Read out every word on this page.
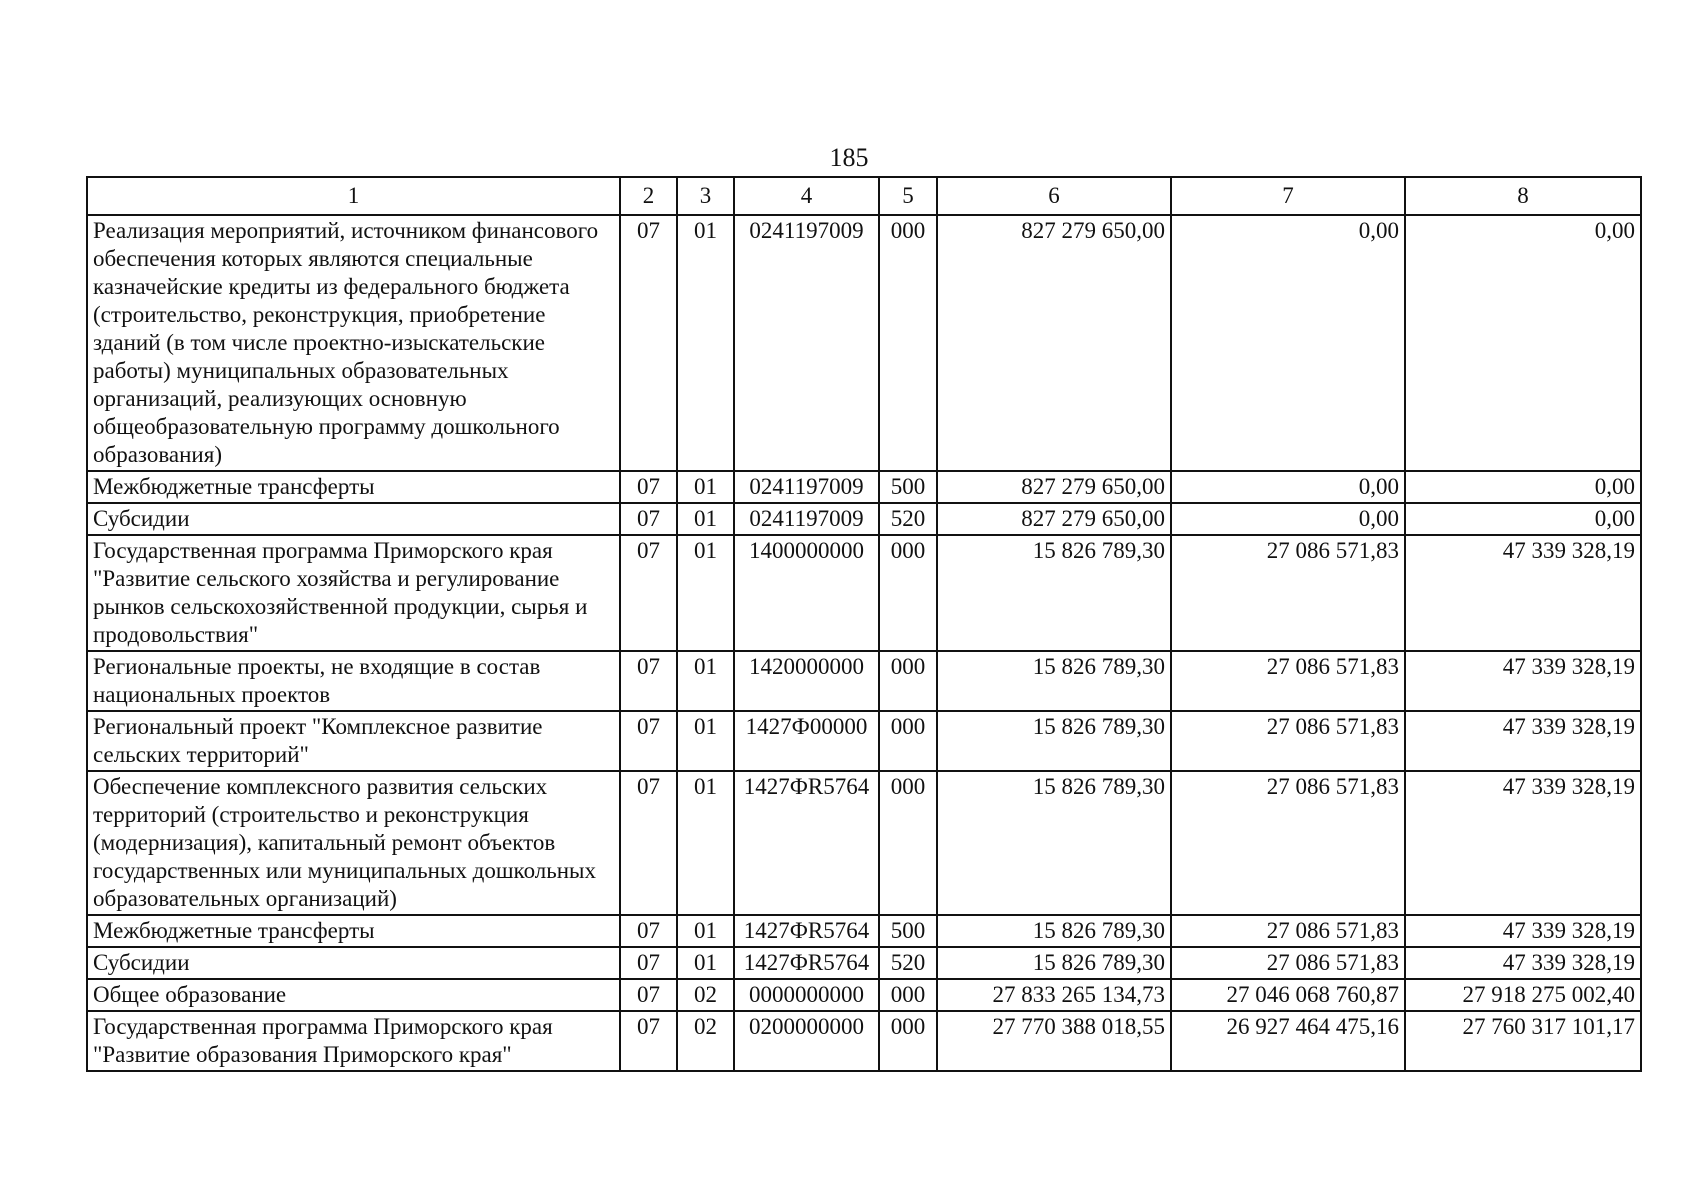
185
1	2	3	4	5	6	7	8
Реализация мероприятий, источником финансового обеспечения которых являются специальные казначейские кредиты из федерального бюджета (строительство, реконструкция, приобретение зданий (в том числе проектно-изыскательские работы) муниципальных образовательных организаций, реализующих основную общеобразовательную программу дошкольного образования)	07	01	0241197009	000	827 279 650,00	0,00	0,00
Межбюджетные трансферты	07	01	0241197009	500	827 279 650,00	0,00	0,00
Субсидии	07	01	0241197009	520	827 279 650,00	0,00	0,00
Государственная программа Приморского края "Развитие сельского хозяйства и регулирование рынков сельскохозяйственной продукции, сырья и продовольствия"	07	01	1400000000	000	15 826 789,30	27 086 571,83	47 339 328,19
Региональные проекты, не входящие в состав национальных проектов	07	01	1420000000	000	15 826 789,30	27 086 571,83	47 339 328,19
Региональный проект "Комплексное развитие сельских территорий"	07	01	1427Ф00000	000	15 826 789,30	27 086 571,83	47 339 328,19
Обеспечение комплексного развития сельских территорий (строительство и реконструкция (модернизация), капитальный ремонт объектов государственных или муниципальных дошкольных образовательных организаций)	07	01	1427ФR5764	000	15 826 789,30	27 086 571,83	47 339 328,19
Межбюджетные трансферты	07	01	1427ФR5764	500	15 826 789,30	27 086 571,83	47 339 328,19
Субсидии	07	01	1427ФR5764	520	15 826 789,30	27 086 571,83	47 339 328,19
Общее образование	07	02	0000000000	000	27 833 265 134,73	27 046 068 760,87	27 918 275 002,40
Государственная программа Приморского края "Развитие образования Приморского края"	07	02	0200000000	000	27 770 388 018,55	26 927 464 475,16	27 760 317 101,17
